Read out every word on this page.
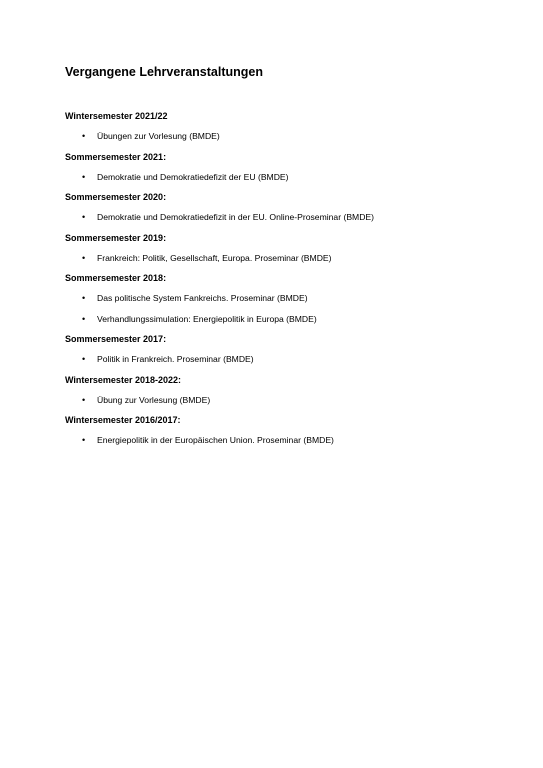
Vergangene Lehrveranstaltungen
Wintersemester 2021/22
• Übungen zur Vorlesung (BMDE)
Sommersemester 2021:
• Demokratie und Demokratiedefizit der EU (BMDE)
Sommersemester 2020:
• Demokratie und Demokratiedefizit in der EU. Online-Proseminar (BMDE)
Sommersemester 2019:
• Frankreich: Politik, Gesellschaft, Europa. Proseminar (BMDE)
Sommersemester 2018:
• Das politische System Fankreichs. Proseminar (BMDE)
• Verhandlungssimulation: Energiepolitik in Europa (BMDE)
Sommersemester 2017:
• Politik in Frankreich. Proseminar (BMDE)
Wintersemester 2018-2022:
• Übung zur Vorlesung (BMDE)
Wintersemester 2016/2017:
• Energiepolitik in der Europäischen Union. Proseminar (BMDE)
